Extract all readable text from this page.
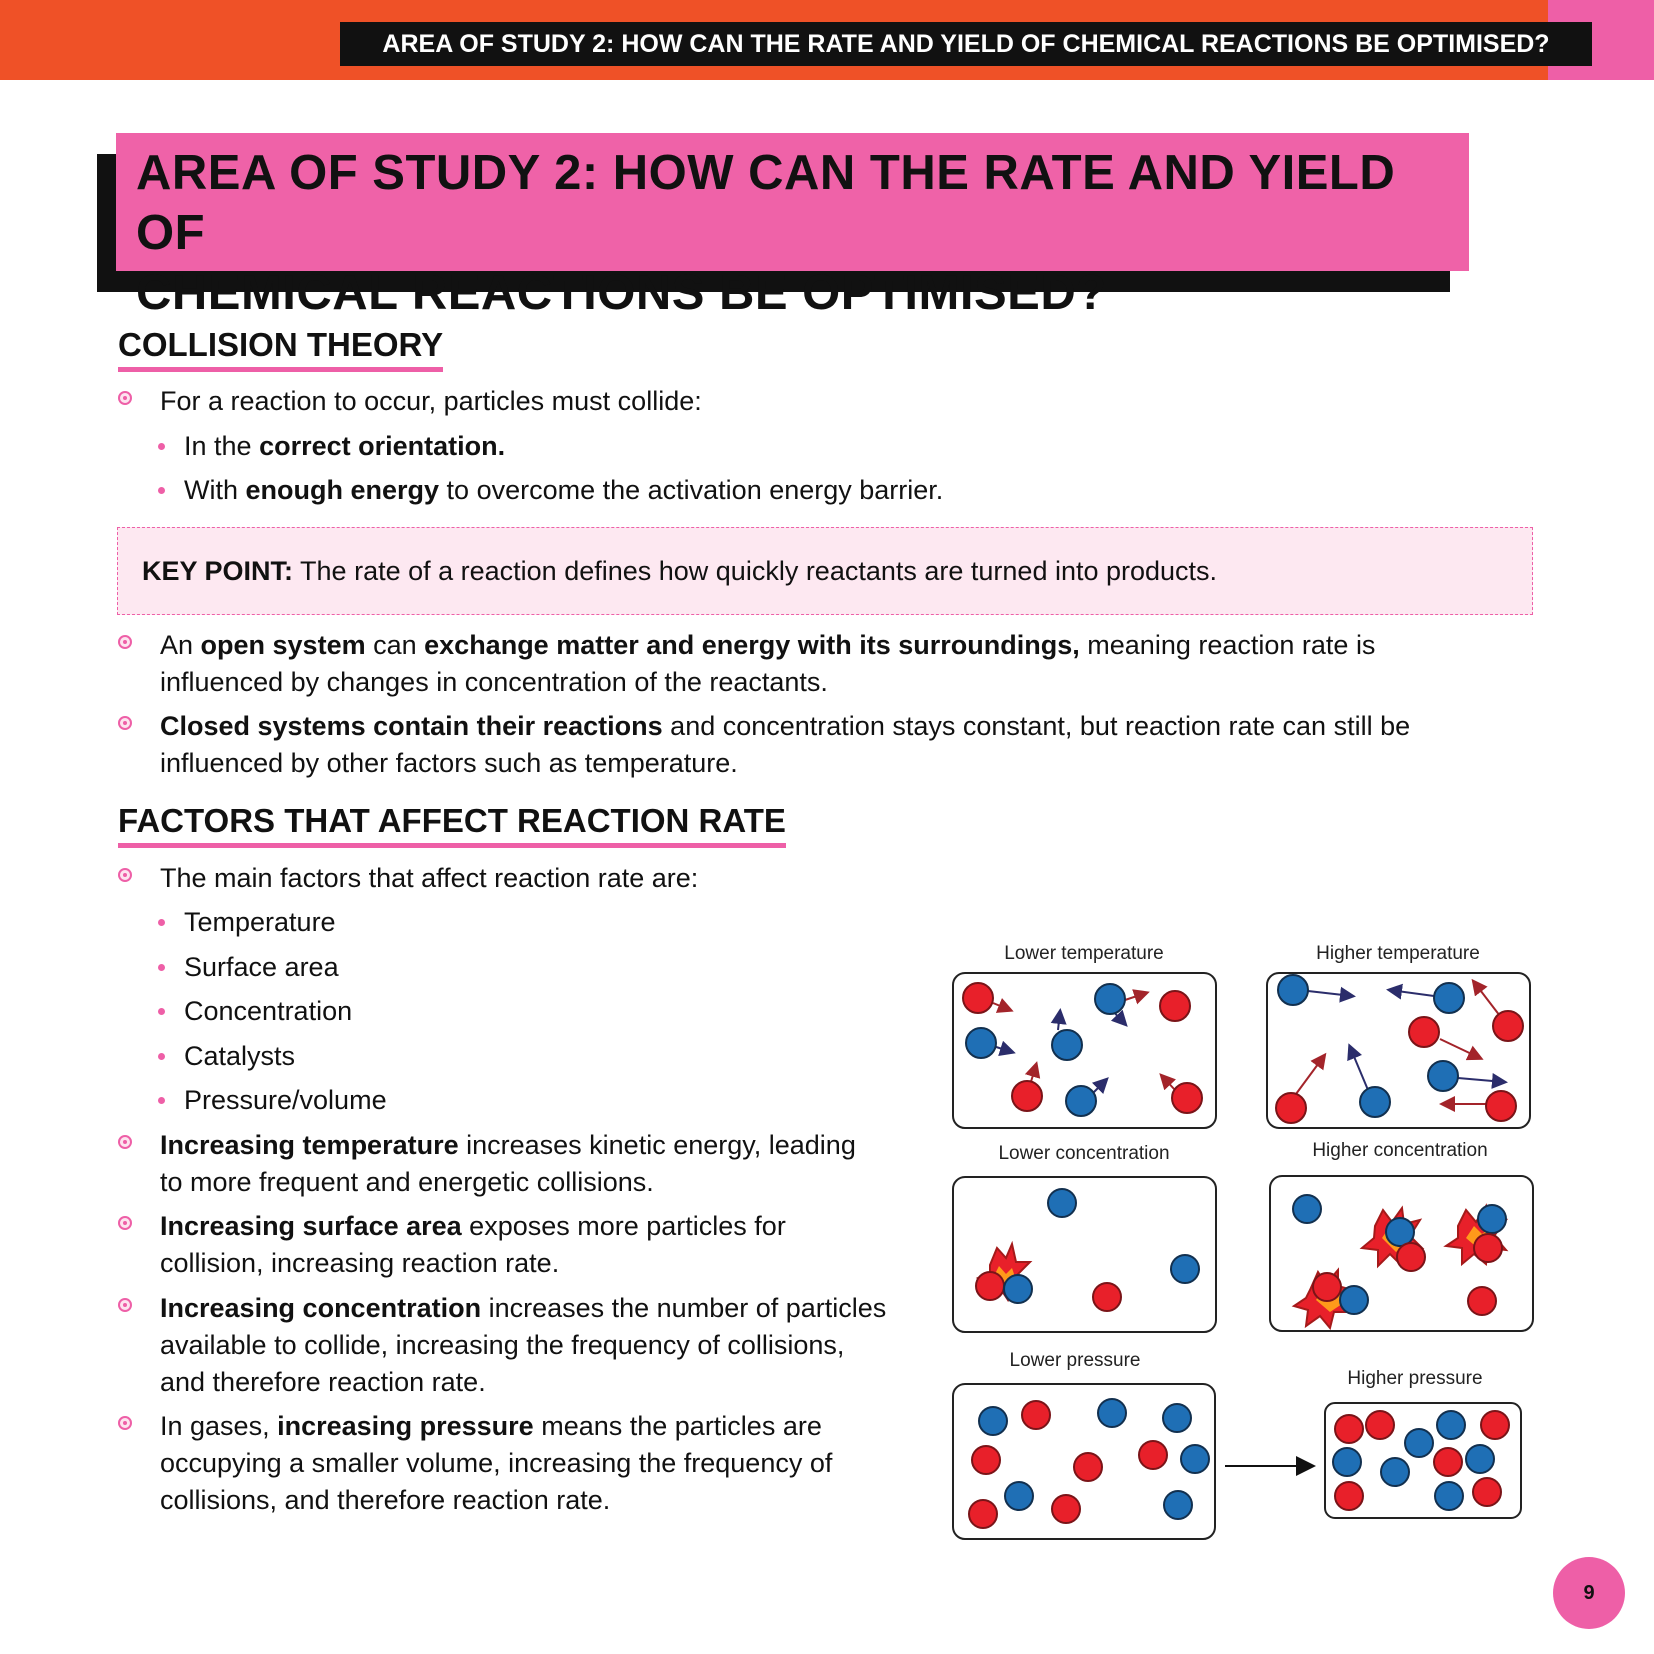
AREA OF STUDY 2: HOW CAN THE RATE AND YIELD OF CHEMICAL REACTIONS BE OPTIMISED?
AREA OF STUDY 2: HOW CAN THE RATE AND YIELD OF
CHEMICAL REACTIONS BE OPTIMISED?
COLLISION THEORY
For a reaction to occur, particles must collide:
In the correct orientation.
With enough energy to overcome the activation energy barrier.
KEY POINT: The rate of a reaction defines how quickly reactants are turned into products.
An open system can exchange matter and energy with its surroundings, meaning reaction rate is
influenced by changes in concentration of the reactants.
Closed systems contain their reactions and concentration stays constant, but reaction rate can still be
influenced by other factors such as temperature.
FACTORS THAT AFFECT REACTION RATE
The main factors that affect reaction rate are:
Temperature
Surface area
Concentration
Catalysts
Pressure/volume
Increasing temperature increases kinetic energy, leading
to more frequent and energetic collisions.
Increasing surface area exposes more particles for
collision, increasing reaction rate.
Increasing concentration increases the number of particles
available to collide, increasing the frequency of collisions,
and therefore reaction rate.
In gases, increasing pressure means the particles are
occupying a smaller volume, increasing the frequency of
collisions, and therefore reaction rate.
Lower temperature	Higher temperature
Lower concentration	Higher concentration
Lower pressure
Higher pressure
9
